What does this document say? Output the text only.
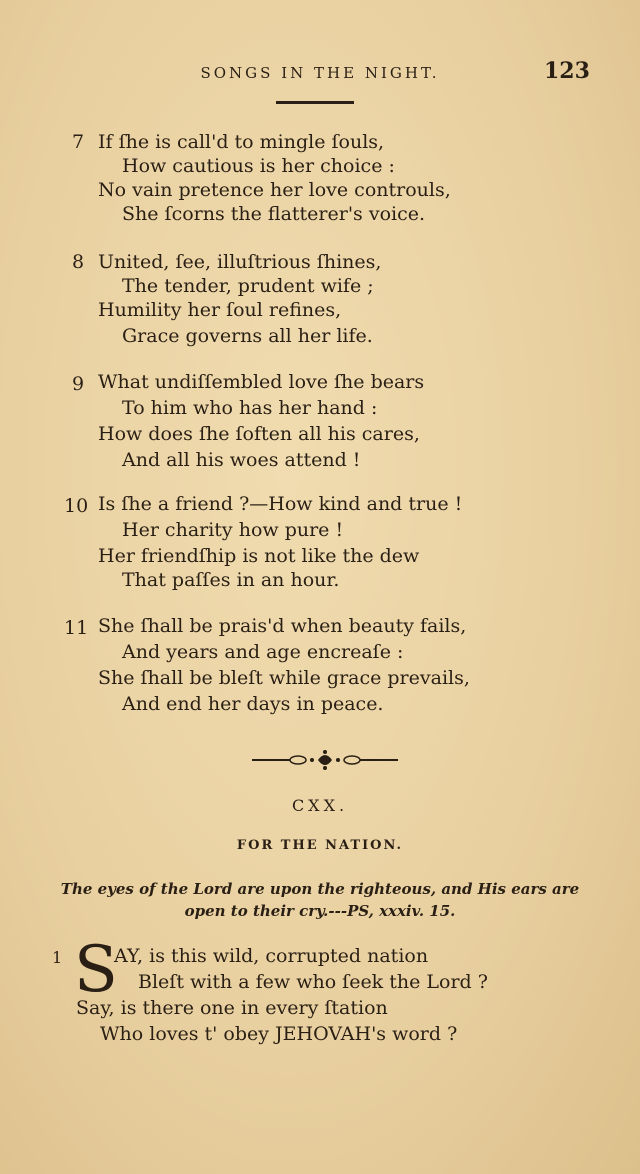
SONGS IN THE NIGHT.	123
7 If ſhe is call'd to mingle ſouls,
How cautious is her choice :
No vain pretence her love controuls,
She ſcorns the flatterer's voice.
8 United, ſee, illuſtrious ſhines,
The tender, prudent wife ;
Humility her ſoul refines,
Grace governs all her life.
9 What undiſſembled love ſhe bears
To him who has her hand :
How does ſhe ſoften all his cares,
And all his woes attend !
10 Is ſhe a friend ?—How kind and true !
Her charity how pure !
Her friendſhip is not like the dew
That paſſes in an hour.
11 She ſhall be prais'd when beauty fails,
And years and age encreaſe :
She ſhall be bleſt while grace prevails,
And end her days in peace.
CXX.
FOR THE NATION.
The eyes of the Lord are upon the righteous, and His ears are
open to their cry.---PS, xxxiv. 15.
1 S
AY, is this wild, corrupted nation
Bleſt with a few who ſeek the Lord ?
Say, is there one in every ſtation
Who loves t' obey JEHOVAH's word ?
